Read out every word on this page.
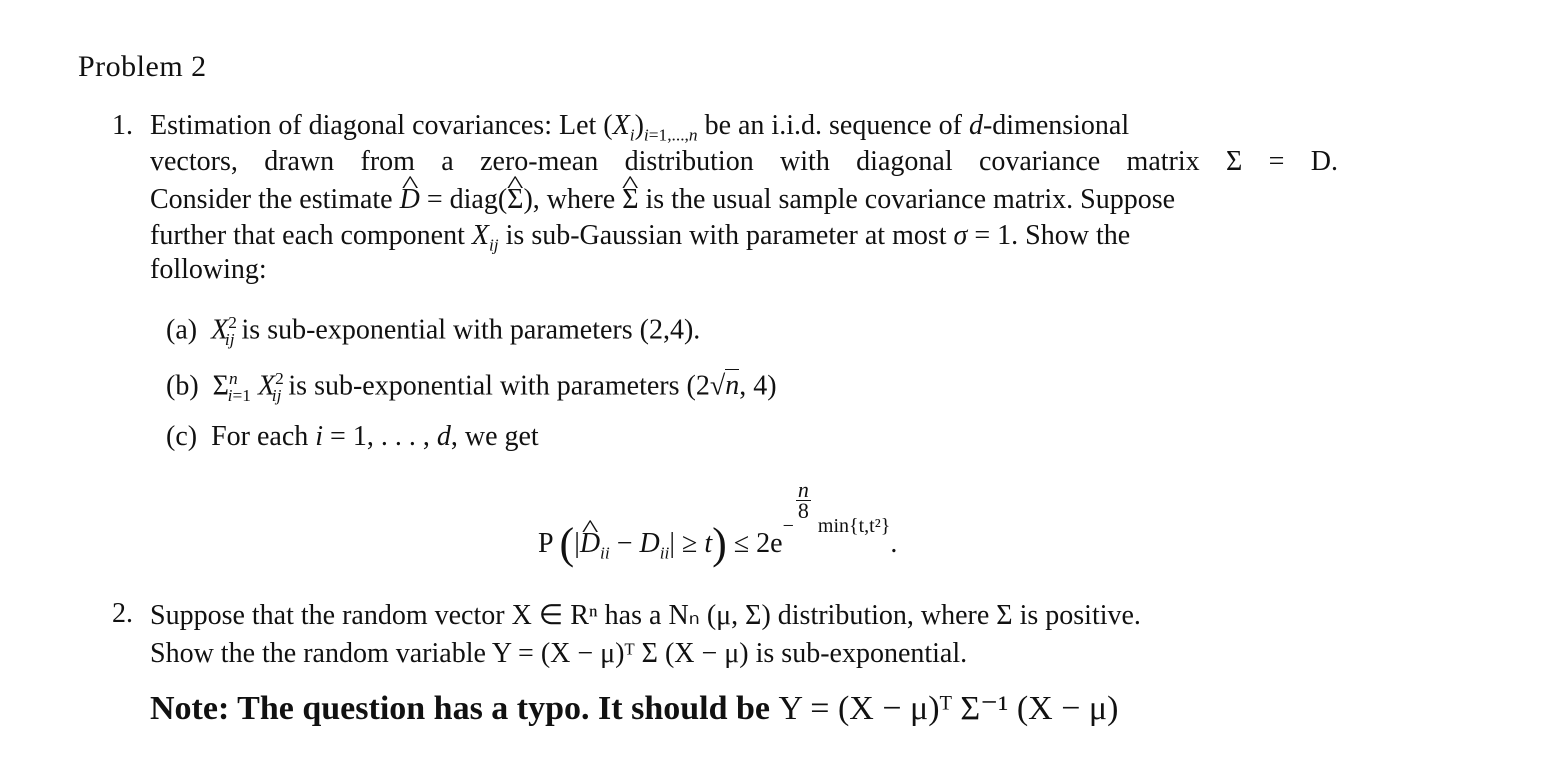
Problem 2
1. Estimation of diagonal covariances: Let $(X_i)_{i=1,...,n}$ be an i.i.d. sequence of d-dimensional
vectors, drawn from a zero-mean distribution with diagonal covariance matrix Σ = D.
Consider the estimate ^ D = diag(^ Σ), where ^ Σ is the usual sample covariance matrix. Suppose
further that each component $X_{ij}$ is sub-Gaussian with parameter at most σ = 1. Show the
following:
(a) $X^2_{ij}$ is sub-exponential with parameters (2,4).
(b)  $\Sigma^n_{i=1}$ $X^2_{ij}$ is sub-exponential with parameters (2√n, 4)
(c) For each i = 1, . . . , d, we get
P (|^ $D_{ii} - D_{ii}| \ge t) \le 2e^{- \frac{n}{8} min\{t,t^2\}}$.
2. Suppose that the random vector X ∈ Rⁿ has a Nₙ (μ, Σ) distribution, where Σ is positive.
Show the the random variable Y = (X − μ)ᵀ Σ (X − μ) is sub-exponential.
Note: The question has a typo. It should be Y = (X − μ)ᵀ Σ⁻¹ (X − μ)
